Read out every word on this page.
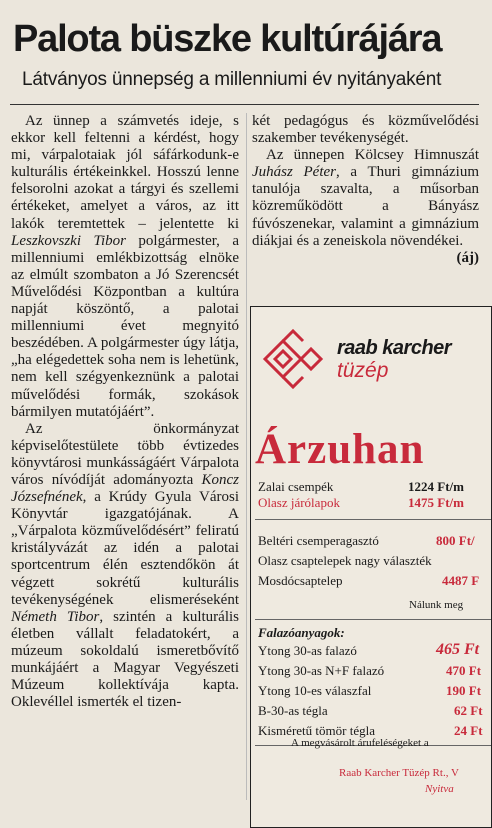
Palota büszke kultúrájára
Látványos ünnepség a millenniumi év nyitányaként

Az ünnep a számvetés ideje, s ekkor kell feltenni a kérdést, hogy mi, várpalotaiak jól sáfárkodunk-e kulturális értékeinkkel. Hosszú lenne felsorolni azokat a tárgyi és szellemi értékeket, amelyet a város, az itt lakók teremtettek – jelentette ki Leszkovszki Tibor polgármester, a millenniumi emlékbizottság elnöke az elmúlt szombaton a Jó Szerencsét Művelődési Központban a kultúra napját köszöntő, a palotai millenniumi évet megnyitó beszédében. A polgármester úgy látja, „ha elégedettek soha nem is lehetünk, nem kell szégyenkeznünk a palotai művelődési formák, szokások bármilyen mutatójáért”.

Az önkormányzat képviselőtestülete több évtizedes könyvtárosi munkásságáért Várpalota város nívódíját adományozta Koncz Józsefnének, a Krúdy Gyula Városi Könyvtár igazgatójának. A „Várpalota közművelődésért” feliratú kristályvázát az idén a palotai sportcentrum élén esztendőkön át végzett sokrétű kulturális tevékenységének elismeréseként Németh Tibor, szintén a kulturális életben vállalt feladatokért, a múzeum sokoldalú ismeretbővítő munkájáért a Magyar Vegyészeti Múzeum kollektívája kapta. Oklevéllel ismerték el tizen-

két pedagógus és közművelődési szakember tevékenységét.

Az ünnepen Kölcsey Himnuszát Juhász Péter, a Thuri gimnázium tanulója szavalta, a műsorban közreműködött a Bányász fúvószenekar, valamint a gimnázium diákjai és a zeneiskola növendékei.

(áj)

raab karcher
tüzép
Árzuhan
Zalai csempék	1224 Ft/m
Olasz járólapok	1475 Ft/m
Beltéri csemperagasztó	800 Ft/
Olasz csaptelepek nagy választék
Mosdócsaptelep	4487 F
Nálunk meg
Falazóanyagok:
Ytong 30-as falazó	465 Ft
Ytong 30-as N+F falazó	470 Ft
Ytong 10-es válaszfal	190 Ft
B-30-as tégla	62 Ft
Kisméretű tömör tégla	24 Ft
A megvásárolt árufeléségeket a
Raab Karcher Tüzép Rt., V
Nyitva
